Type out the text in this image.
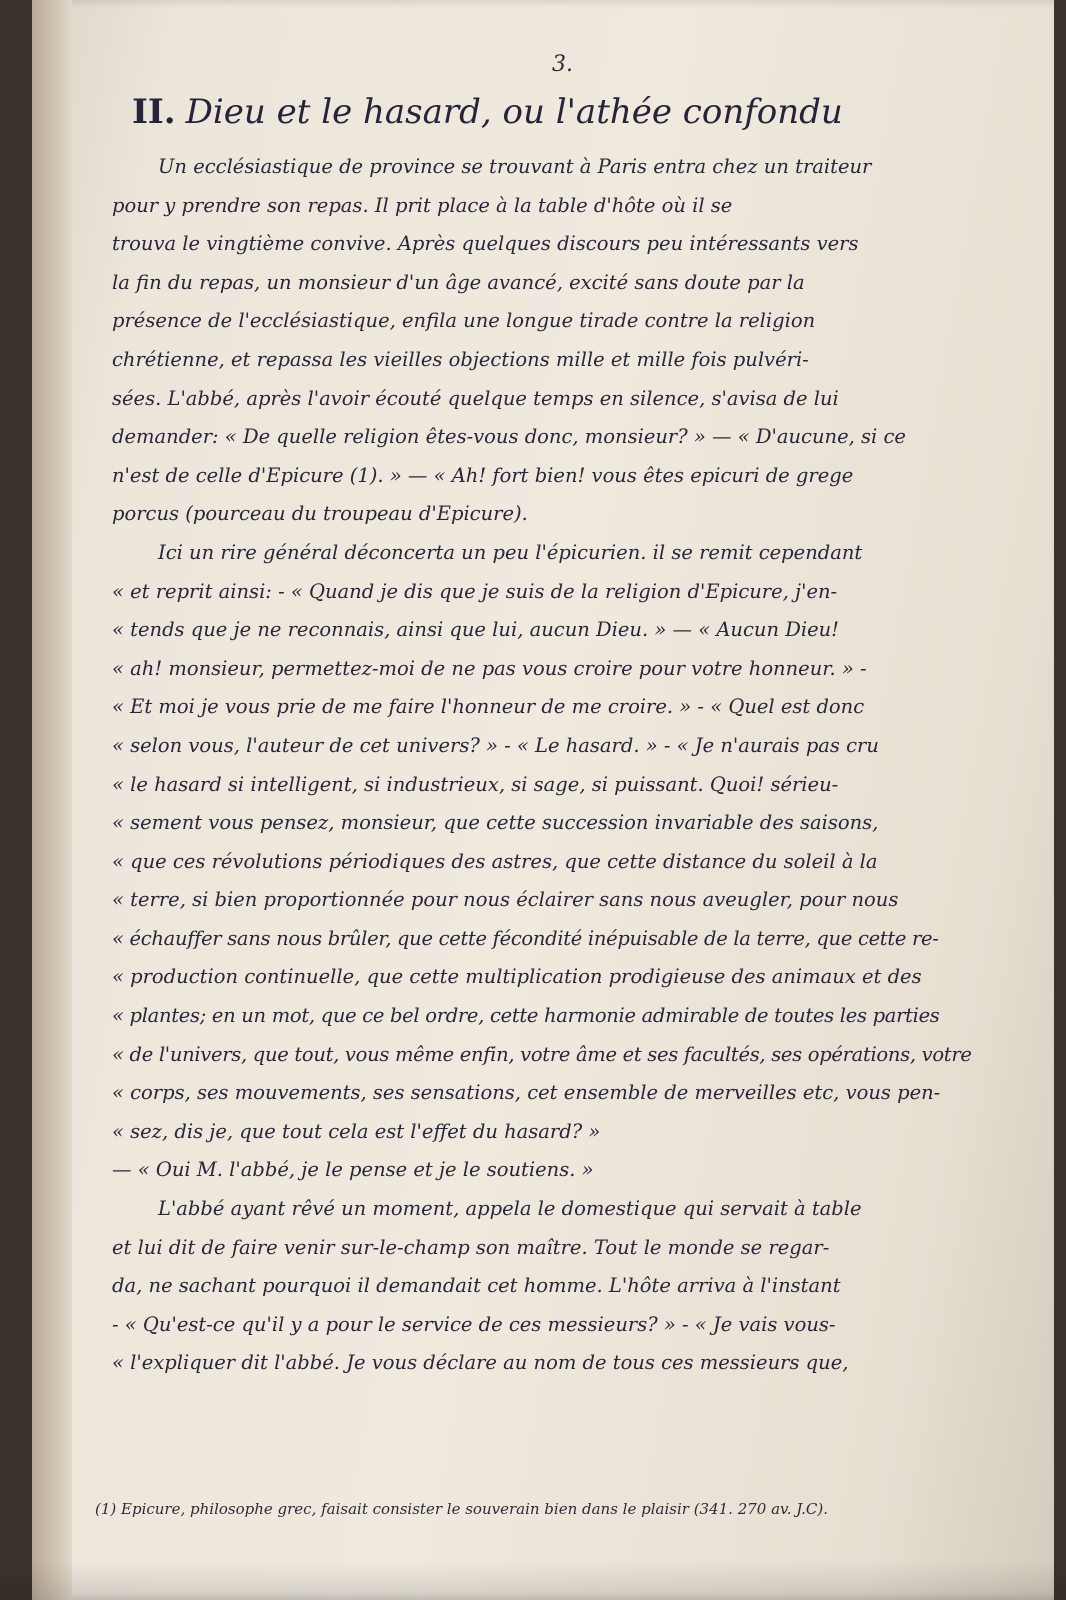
3.
II. Dieu et le hasard, ou l'athée confondu
Un ecclésiastique de province se trouvant à Paris entra chez un traiteur
pour y prendre son repas. Il prit place à la table d'hôte où il se
trouva le vingtième convive. Après quelques discours peu intéressants vers
la fin du repas, un monsieur d'un âge avancé, excité sans doute par la
présence de l'ecclésiastique, enfila une longue tirade contre la religion
chrétienne, et repassa les vieilles objections mille et mille fois pulvéri-
sées. L'abbé, après l'avoir écouté quelque temps en silence, s'avisa de lui
demander: « De quelle religion êtes-vous donc, monsieur? » — « D'aucune, si ce
n'est de celle d'Epicure (1). » — « Ah! fort bien! vous êtes epicuri de grege
porcus (pourceau du troupeau d'Epicure).
Ici un rire général déconcerta un peu l'épicurien. il se remit cependant
« et reprit ainsi: - « Quand je dis que je suis de la religion d'Epicure, j'en-
« tends que je ne reconnais, ainsi que lui, aucun Dieu. » — « Aucun Dieu!
« ah! monsieur, permettez-moi de ne pas vous croire pour votre honneur. » -
« Et moi je vous prie de me faire l'honneur de me croire. » - « Quel est donc
« selon vous, l'auteur de cet univers? » - « Le hasard. » - « Je n'aurais pas cru
« le hasard si intelligent, si industrieux, si sage, si puissant. Quoi! sérieu-
« sement vous pensez, monsieur, que cette succession invariable des saisons,
« que ces révolutions périodiques des astres, que cette distance du soleil à la
« terre, si bien proportionnée pour nous éclairer sans nous aveugler, pour nous
« échauffer sans nous brûler, que cette fécondité inépuisable de la terre, que cette re-
« production continuelle, que cette multiplication prodigieuse des animaux et des
« plantes; en un mot, que ce bel ordre, cette harmonie admirable de toutes les parties
« de l'univers, que tout, vous même enfin, votre âme et ses facultés, ses opérations, votre
« corps, ses mouvements, ses sensations, cet ensemble de merveilles etc, vous pen-
« sez, dis je, que tout cela est l'effet du hasard? »
— « Oui M. l'abbé, je le pense et je le soutiens. »
L'abbé ayant rêvé un moment, appela le domestique qui servait à table
et lui dit de faire venir sur-le-champ son maître. Tout le monde se regar-
da, ne sachant pourquoi il demandait cet homme. L'hôte arriva à l'instant
- « Qu'est-ce qu'il y a pour le service de ces messieurs? » - « Je vais vous-
« l'expliquer dit l'abbé. Je vous déclare au nom de tous ces messieurs que,
(1) Epicure, philosophe grec, faisait consister le souverain bien dans le plaisir (341. 270 av. J.C).
